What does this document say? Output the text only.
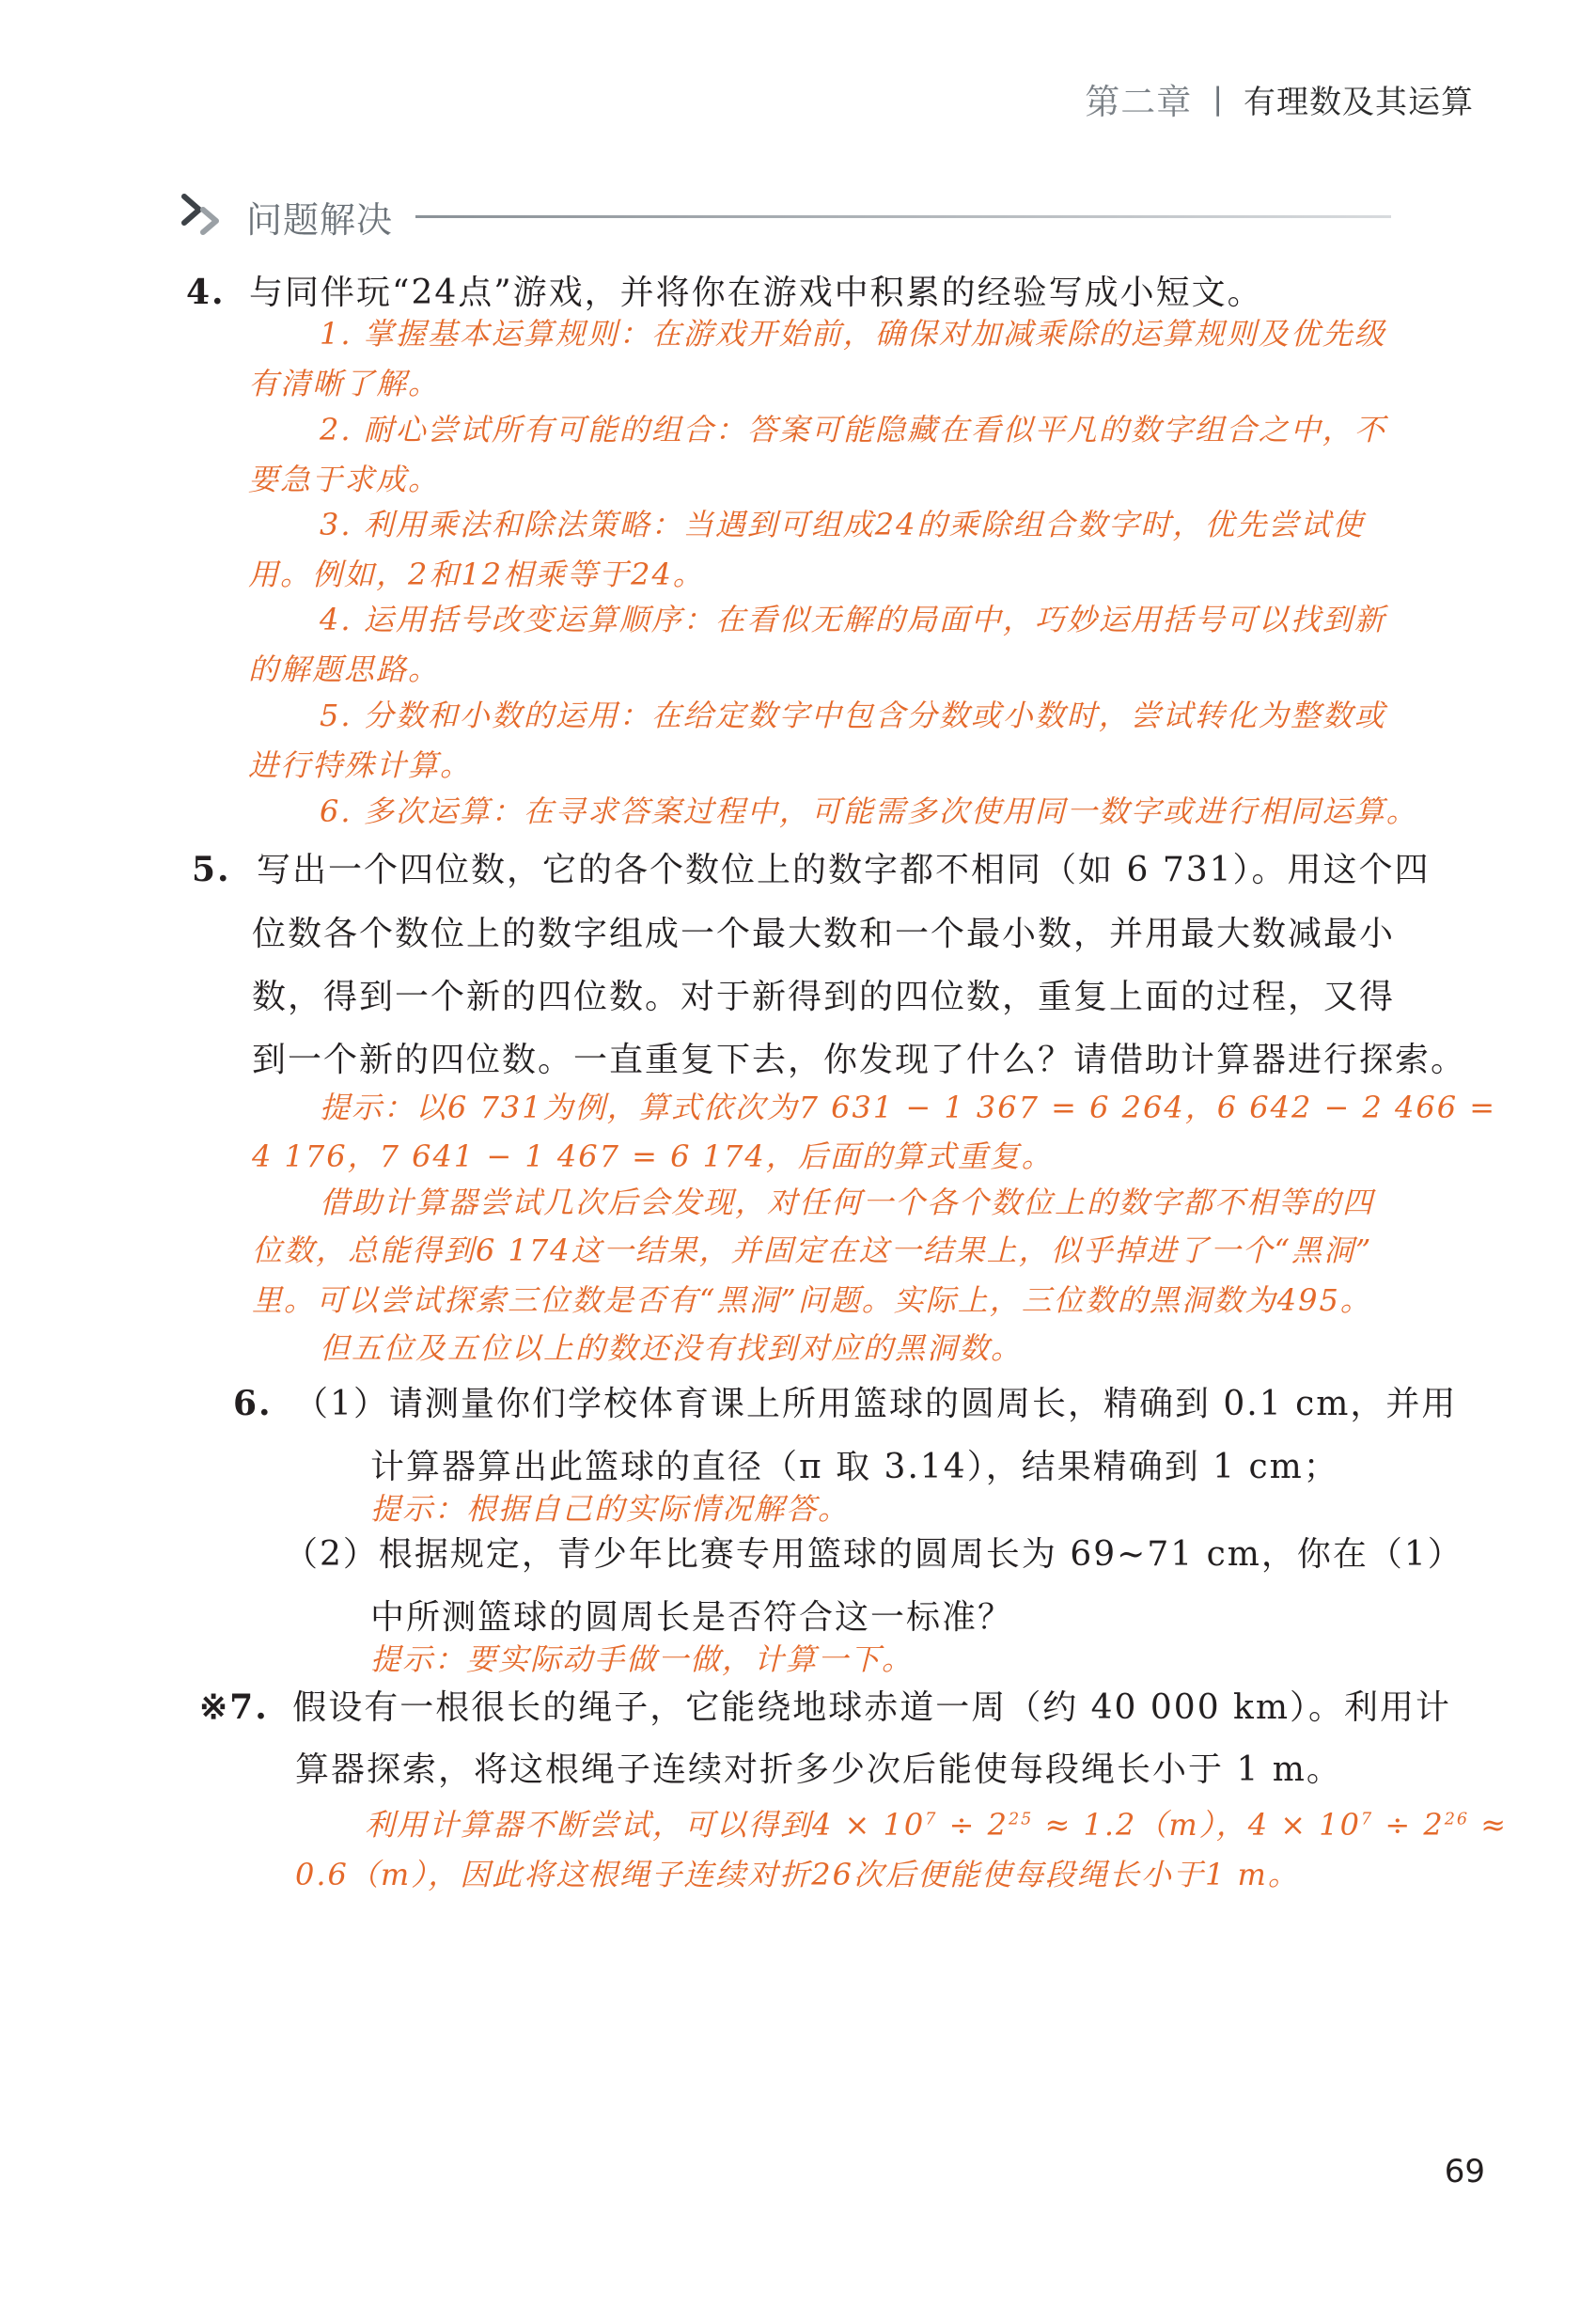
第二章 | 有理数及其运算
问题解决
4. 与同伴玩“24点”游戏，并将你在游戏中积累的经验写成小短文。
1. 掌握基本运算规则：在游戏开始前，确保对加减乘除的运算规则及优先级
有清晰了解。
2. 耐心尝试所有可能的组合：答案可能隐藏在看似平凡的数字组合之中，不
要急于求成。
3. 利用乘法和除法策略：当遇到可组成24的乘除组合数字时，优先尝试使
用。例如，2和12相乘等于24。
4. 运用括号改变运算顺序：在看似无解的局面中，巧妙运用括号可以找到新
的解题思路。
5. 分数和小数的运用：在给定数字中包含分数或小数时，尝试转化为整数或
进行特殊计算。
6. 多次运算：在寻求答案过程中，可能需多次使用同一数字或进行相同运算。
5. 写出一个四位数，它的各个数位上的数字都不相同（如 6 731）。用这个四
位数各个数位上的数字组成一个最大数和一个最小数，并用最大数减最小
数，得到一个新的四位数。对于新得到的四位数，重复上面的过程，又得
到一个新的四位数。一直重复下去，你发现了什么？请借助计算器进行探索。
提示：以6 731为例，算式依次为7 631 − 1 367 = 6 264，6 642 − 2 466 =
4 176，7 641 − 1 467 = 6 174，后面的算式重复。
借助计算器尝试几次后会发现，对任何一个各个数位上的数字都不相等的四
位数，总能得到6 174这一结果，并固定在这一结果上，似乎掉进了一个“黑洞”
里。可以尝试探索三位数是否有“黑洞”问题。实际上，三位数的黑洞数为495。
但五位及五位以上的数还没有找到对应的黑洞数。
6. （1）请测量你们学校体育课上所用篮球的圆周长，精确到 0.1 cm，并用
计算器算出此篮球的直径（π 取 3.14），结果精确到 1 cm；
提示：根据自己的实际情况解答。
（2）根据规定，青少年比赛专用篮球的圆周长为 69~71 cm，你在（1）
中所测篮球的圆周长是否符合这一标准？
提示：要实际动手做一做，计算一下。
※7. 假设有一根很长的绳子，它能绕地球赤道一周（约 40 000 km）。利用计
算器探索，将这根绳子连续对折多少次后能使每段绳长小于 1 m。
利用计算器不断尝试，可以得到$4 \times 10^7 \div 2^{25} \approx 1.2(m)$，$4 \times 10^7 \div 2^{26}$ ≈
0.6（m），因此将这根绳子连续对折26次后便能使每段绳长小于1 m。
69
